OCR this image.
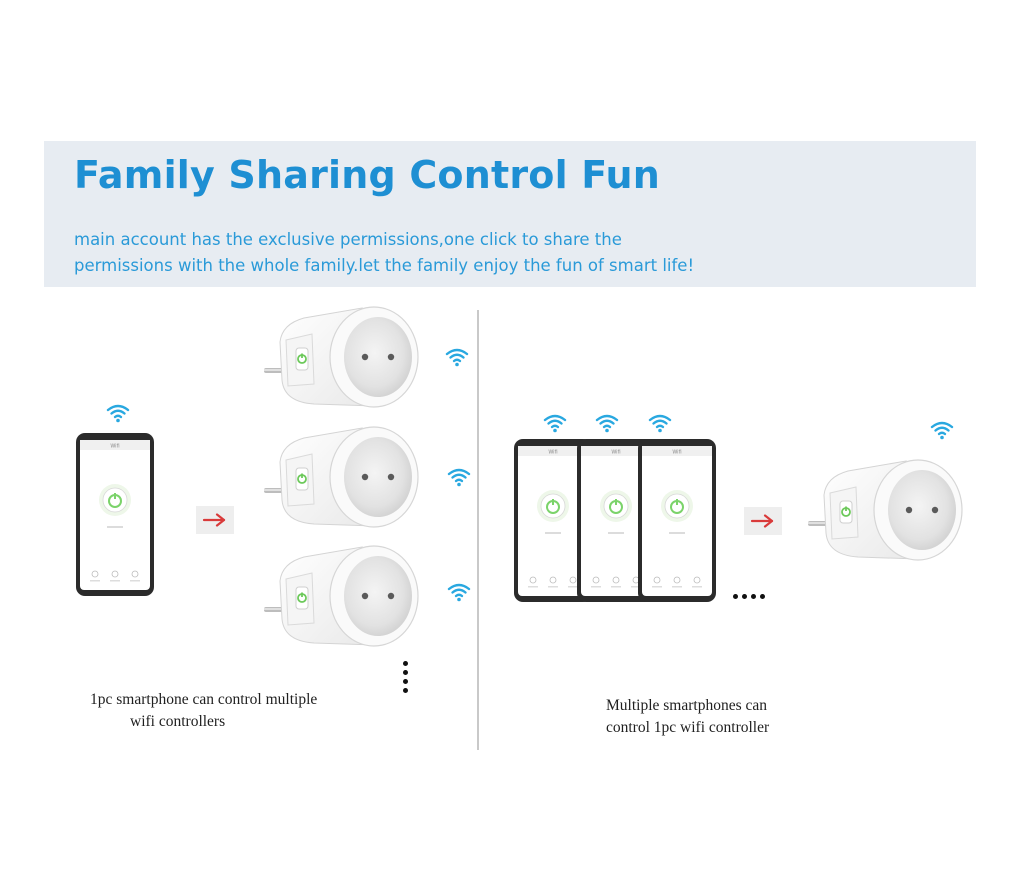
Family Sharing Control Fun

main account has the exclusive permissions,one click to share the
permissions with the whole family.let the family enjoy the fun of smart life!

1pc smartphone can control multiple
wifi controllers

Multiple smartphones can
control 1pc wifi controller
